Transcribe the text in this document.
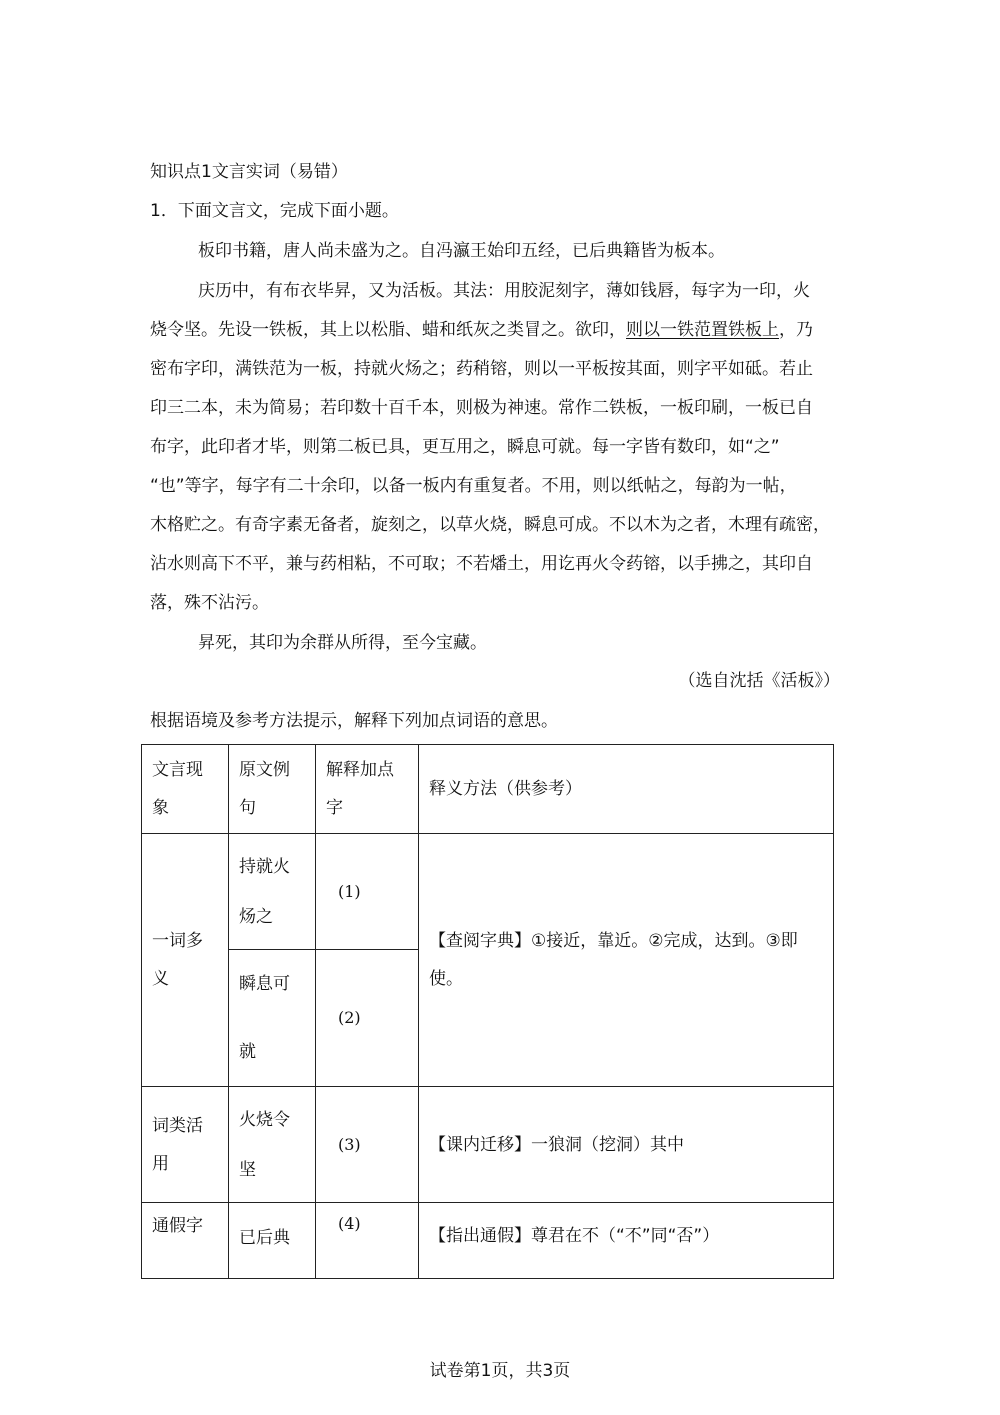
知识点1文言实词（易错）
1．下面文言文，完成下面小题。
板印书籍，唐人尚未盛为之。自冯瀛王始印五经，已后典籍皆为板本。
庆历中，有布衣毕昇，又为活板。其法：用胶泥刻字，薄如钱唇，每字为一印，火
烧令坚。先设一铁板，其上以松脂、蜡和纸灰之类冒之。欲印，则以一铁范置铁板上，乃
密布字印，满铁范为一板，持就火炀之；药稍镕，则以一平板按其面，则字平如砥。若止
印三二本，未为简易；若印数十百千本，则极为神速。常作二铁板，一板印刷，一板已自
布字，此印者才毕，则第二板已具，更互用之，瞬息可就。每一字皆有数印，如“之”
“也”等字，每字有二十余印，以备一板内有重复者。不用，则以纸帖之，每韵为一帖，
木格贮之。有奇字素无备者，旋刻之，以草火烧，瞬息可成。不以木为之者，木理有疏密，
沾水则高下不平，兼与药相粘，不可取；不若燔土，用讫再火令药镕，以手拂之，其印自
落，殊不沾污。
昇死，其印为余群从所得，至今宝藏。
（选自沈括《活板》）
根据语境及参考方法提示，解释下列加点词语的意思。
文言现象	原文例句	解释加点字	释义方法（供参考）
一词多义	持就火炀之	(1)	【查阅字典】①接近，靠近。②完成，达到。③即使。
	瞬息可就	(2)	
词类活用	火烧令坚	(3)	【课内迁移】一狼洞（挖洞）其中
通假字	已后典	(4)	【指出通假】尊君在不（“不”同“否”）
试卷第1页，共3页
